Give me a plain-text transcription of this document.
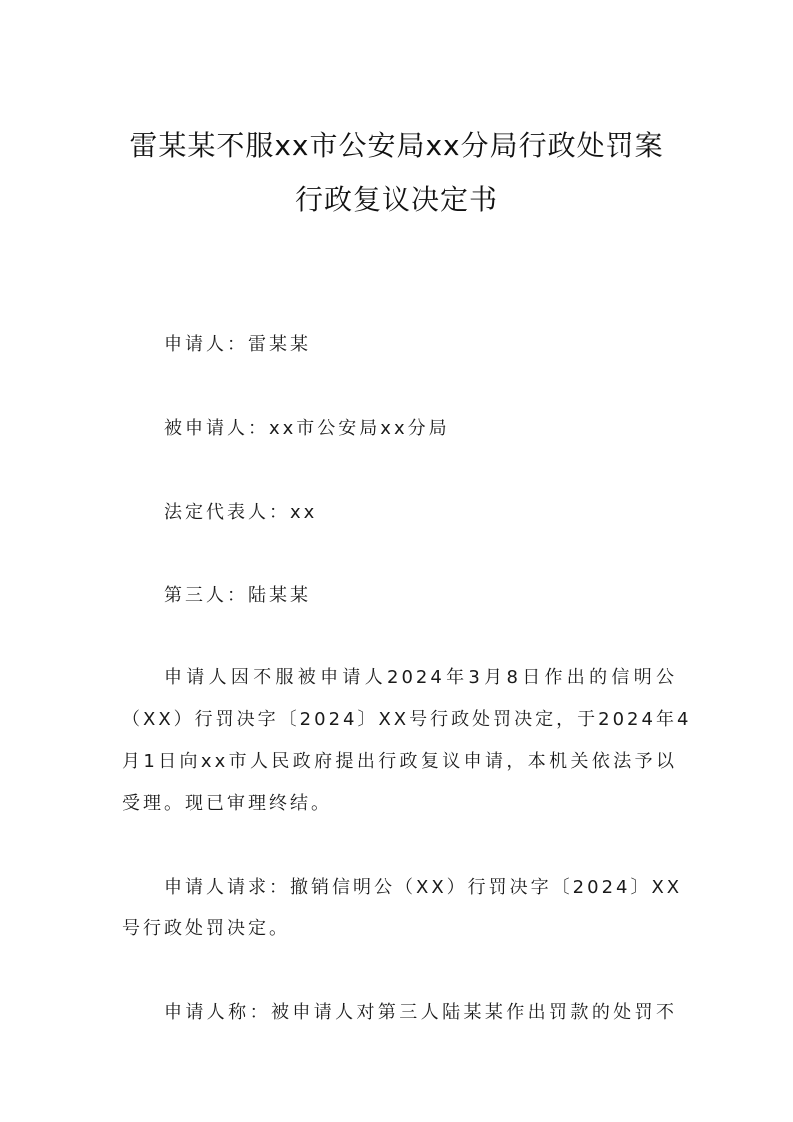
雷某某不服xx市公安局xx分局行政处罚案
行政复议决定书
申请人：雷某某
被申请人：xx市公安局xx分局
法定代表人：xx
第三人：陆某某
申请人因不服被申请人2024年3月8日作出的信明公
（XX）行罚决字〔2024〕XX号行政处罚决定，于2024年4
月1日向xx市人民政府提出行政复议申请，本机关依法予以
受理。现已审理终结。
申请人请求：撤销信明公（XX）行罚决字〔2024〕XX
号行政处罚决定。
申请人称：被申请人对第三人陆某某作出罚款的处罚不
